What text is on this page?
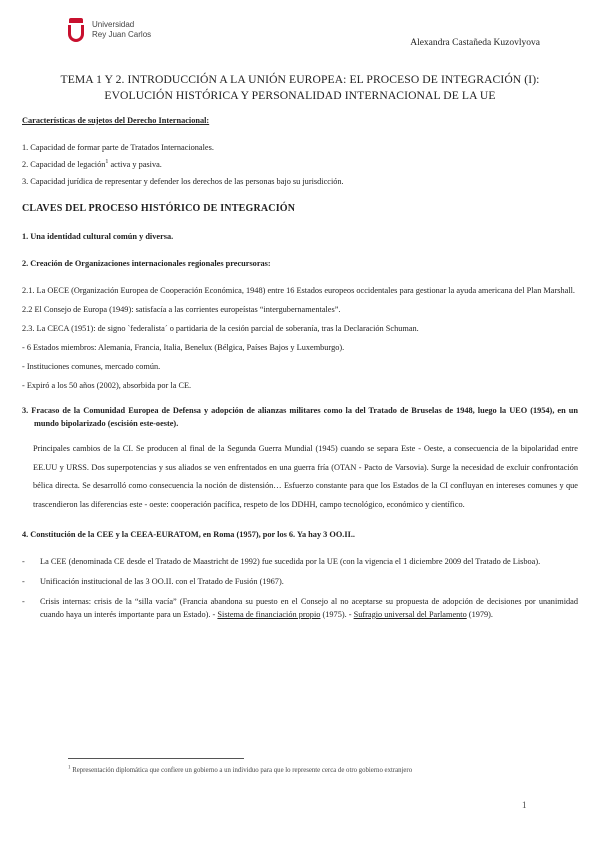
Universidad
Rey Juan Carlos
Alexandra Castañeda Kuzovlyova
TEMA 1 Y 2. INTRODUCCIÓN A LA UNIÓN EUROPEA: EL PROCESO DE INTEGRACIÓN (I):
EVOLUCIÓN HISTÓRICA Y PERSONALIDAD INTERNACIONAL DE LA UE
Características de sujetos del Derecho Internacional:
1. Capacidad de formar parte de Tratados Internacionales.
2. Capacidad de legación$^1$ activa y pasiva.
3. Capacidad jurídica de representar y defender los derechos de las personas bajo su jurisdicción.
CLAVES DEL PROCESO HISTÓRICO DE INTEGRACIÓN
1. Una identidad cultural común y diversa.
2. Creación de Organizaciones internacionales regionales precursoras:
2.1. La OECE (Organización Europea de Cooperación Económica, 1948) entre 16 Estados europeos occidentales para gestionar la ayuda americana del Plan Marshall.
2.2 El Consejo de Europa (1949): satisfacía a las corrientes europeístas “intergubernamentales”.
2.3. La CECA (1951): de signo `federalista´ o partidaria de la cesión parcial de soberanía, tras la Declaración Schuman.
- 6 Estados miembros: Alemania, Francia, Italia, Benelux (Bélgica, Países Bajos y Luxemburgo).
- Instituciones comunes, mercado común.
- Expiró a los 50 años (2002), absorbida por la CE.
3. Fracaso de la Comunidad Europea de Defensa y adopción de alianzas militares como la del Tratado de Bruselas de 1948, luego la UEO (1954), en un mundo bipolarizado (escisión este-oeste).
Principales cambios de la CI. Se producen al final de la Segunda Guerra Mundial (1945) cuando se separa Este - Oeste, a consecuencia de la bipolaridad entre EE.UU y URSS. Dos superpotencias y sus aliados se ven enfrentados en una guerra fría (OTAN - Pacto de Varsovia). Surge la necesidad de excluir confrontación bélica directa. Se desarrolló como consecuencia la noción de distensión… Esfuerzo constante para que los Estados de la CI confluyan en intereses comunes y que trascendieron las diferencias este - oeste: cooperación pacífica, respeto de los DDHH, campo tecnológico, económico y científico.
4. Constitución de la CEE y la CEEA-EURATOM, en Roma (1957), por los 6. Ya hay 3 OO.II..
-	La CEE (denominada CE desde el Tratado de Maastricht de 1992) fue sucedida por la UE (con la vigencia el 1 diciembre 2009 del Tratado de Lisboa).
-	Unificación institucional de las 3 OO.II. con el Tratado de Fusión (1967).
-	Crisis internas: crisis de la “silla vacía” (Francia abandona su puesto en el Consejo al no aceptarse su propuesta de adopción de decisiones por unanimidad cuando haya un interés importante para un Estado). - Sistema de financiación propio (1975). - Sufragio universal del Parlamento (1979).
$^1$ Representación diplomática que confiere un gobierno a un individuo para que lo represente cerca de otro gobierno extranjero
1
